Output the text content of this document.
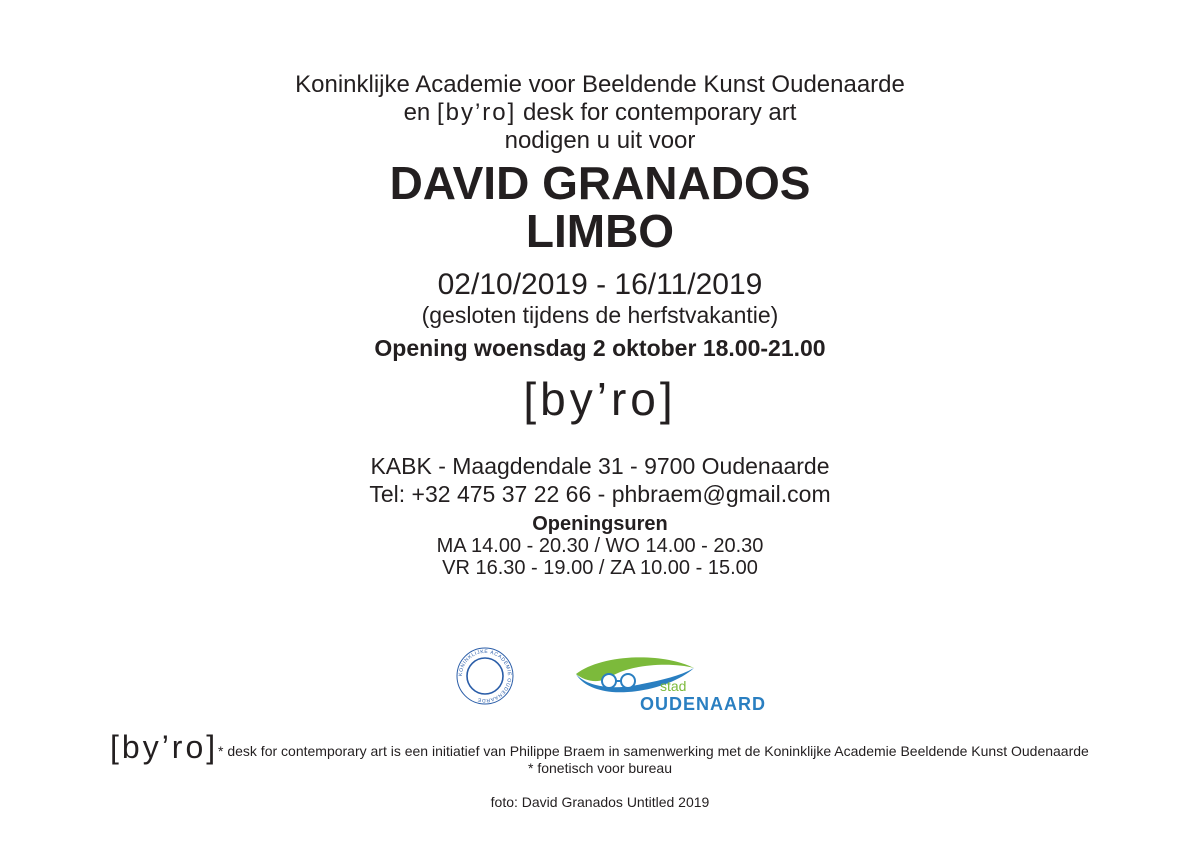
Koninklijke Academie voor Beeldende Kunst Oudenaarde
en [by’ro] desk for contemporary art
nodigen u uit voor
DAVID GRANADOS
LIMBO
02/10/2019 - 16/11/2019
(gesloten tijdens de herfstvakantie)
Opening woensdag 2 oktober 18.00-21.00
[by’ro]
KABK - Maagdendale 31 - 9700 Oudenaarde
Tel: +32 475 37 22 66 - phbraem@gmail.com
Openingsuren
MA 14.00 - 20.30 / WO 14.00 - 20.30
VR 16.30 - 19.00 / ZA 10.00 - 15.00
KONINKLIJKE ACADEMIE OUDENAARDE
stad
OUDENAARDE
[by’ro] * desk for contemporary art is een initiatief van Philippe Braem in samenwerking met de Koninklijke Academie Beeldende Kunst Oudenaarde
* fonetisch voor bureau
foto: David Granados Untitled 2019
